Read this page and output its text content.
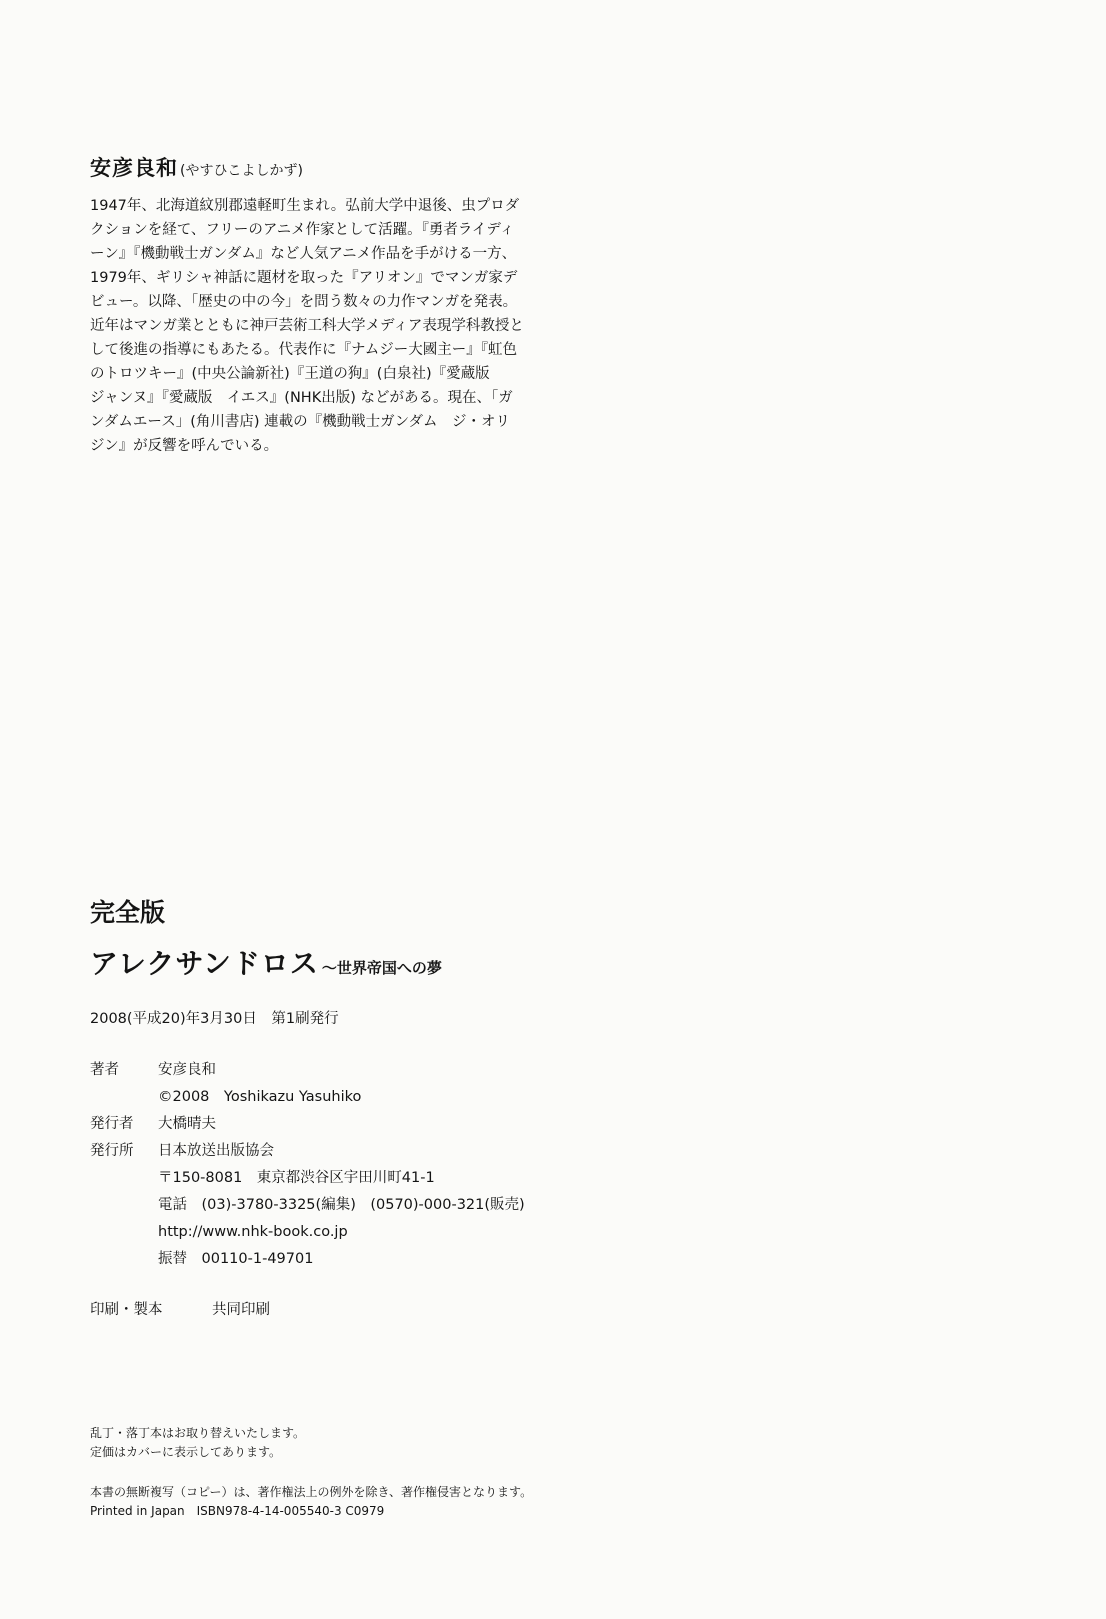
安彦良和 (やすひこよしかず)
1947年、北海道紋別郡遠軽町生まれ。弘前大学中退後、虫プロダ
クションを経て、フリーのアニメ作家として活躍。『勇者ライディ
ーン』『機動戦士ガンダム』など人気アニメ作品を手がける一方、
1979年、ギリシャ神話に題材を取った『アリオン』でマンガ家デ
ビュー。以降、「歴史の中の今」を問う数々の力作マンガを発表。
近年はマンガ業とともに神戸芸術工科大学メディア表現学科教授と
して後進の指導にもあたる。代表作に『ナムジー大國主ー』『虹色
のトロツキー』(中央公論新社)『王道の狗』(白泉社)『愛蔵版
ジャンヌ』『愛蔵版　イエス』(NHK出版) などがある。現在、「ガ
ンダムエース」(角川書店) 連載の『機動戦士ガンダム　ジ・オリ
ジン』が反響を呼んでいる。
完全版
アレクサンドロス ～世界帝国への夢
2008(平成20)年3月30日　第1刷発行
著者	安彦良和
©2008　Yoshikazu Yasuhiko
発行者 大橋晴夫
発行所 日本放送出版協会
〒150-8081　東京都渋谷区宇田川町41-1
電話　(03)-3780-3325(編集)　(0570)-000-321(販売)
http://www.nhk-book.co.jp
振替　00110-1-49701
印刷・製本	共同印刷
乱丁・落丁本はお取り替えいたします。
定価はカバーに表示してあります。
本書の無断複写（コピー）は、著作権法上の例外を除き、著作権侵害となります。
Printed in Japan　ISBN978-4-14-005540-3 C0979
